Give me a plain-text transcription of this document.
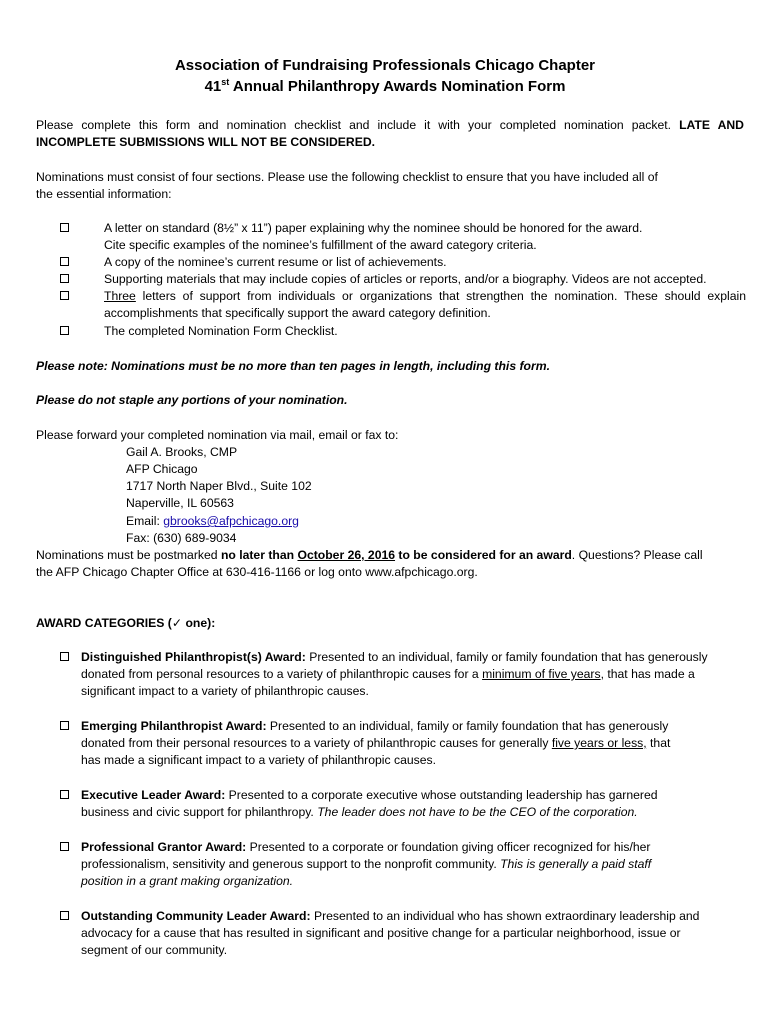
Association of Fundraising Professionals Chicago Chapter
41st Annual Philanthropy Awards Nomination Form
Please complete this form and nomination checklist and include it with your completed nomination packet. LATE AND INCOMPLETE SUBMISSIONS WILL NOT BE CONSIDERED.
Nominations must consist of four sections. Please use the following checklist to ensure that you have included all of
the essential information:
A letter on standard (8½” x 11”) paper explaining why the nominee should be honored for the award.
Cite specific examples of the nominee’s fulfillment of the award category criteria.
A copy of the nominee’s current resume or list of achievements.
Supporting materials that may include copies of articles or reports, and/or a biography. Videos are not accepted.
Three letters of support from individuals or organizations that strengthen the nomination. These should explain accomplishments that specifically support the award category definition.
The completed Nomination Form Checklist.
Please note: Nominations must be no more than ten pages in length, including this form.
Please do not staple any portions of your nomination.
Please forward your completed nomination via mail, email or fax to:
Gail A. Brooks, CMP
AFP Chicago
1717 North Naper Blvd., Suite 102
Naperville, IL 60563
Email: gbrooks@afpchicago.org
Fax: (630) 689-9034
Nominations must be postmarked no later than October 26, 2016 to be considered for an award. Questions? Please call
the AFP Chicago Chapter Office at 630-416-1166 or log onto www.afpchicago.org.
AWARD CATEGORIES (✓ one):
Distinguished Philanthropist(s) Award: Presented to an individual, family or family foundation that has generously
donated from personal resources to a variety of philanthropic causes for a minimum of five years, that has made a
significant impact to a variety of philanthropic causes.
Emerging Philanthropist Award: Presented to an individual, family or family foundation that has generously
donated from their personal resources to a variety of philanthropic causes for generally five years or less, that
has made a significant impact to a variety of philanthropic causes.
Executive Leader Award: Presented to a corporate executive whose outstanding leadership has garnered
business and civic support for philanthropy. The leader does not have to be the CEO of the corporation.
Professional Grantor Award: Presented to a corporate or foundation giving officer recognized for his/her
professionalism, sensitivity and generous support to the nonprofit community. This is generally a paid staff
position in a grant making organization.
Outstanding Community Leader Award: Presented to an individual who has shown extraordinary leadership and
advocacy for a cause that has resulted in significant and positive change for a particular neighborhood, issue or
segment of our community.
